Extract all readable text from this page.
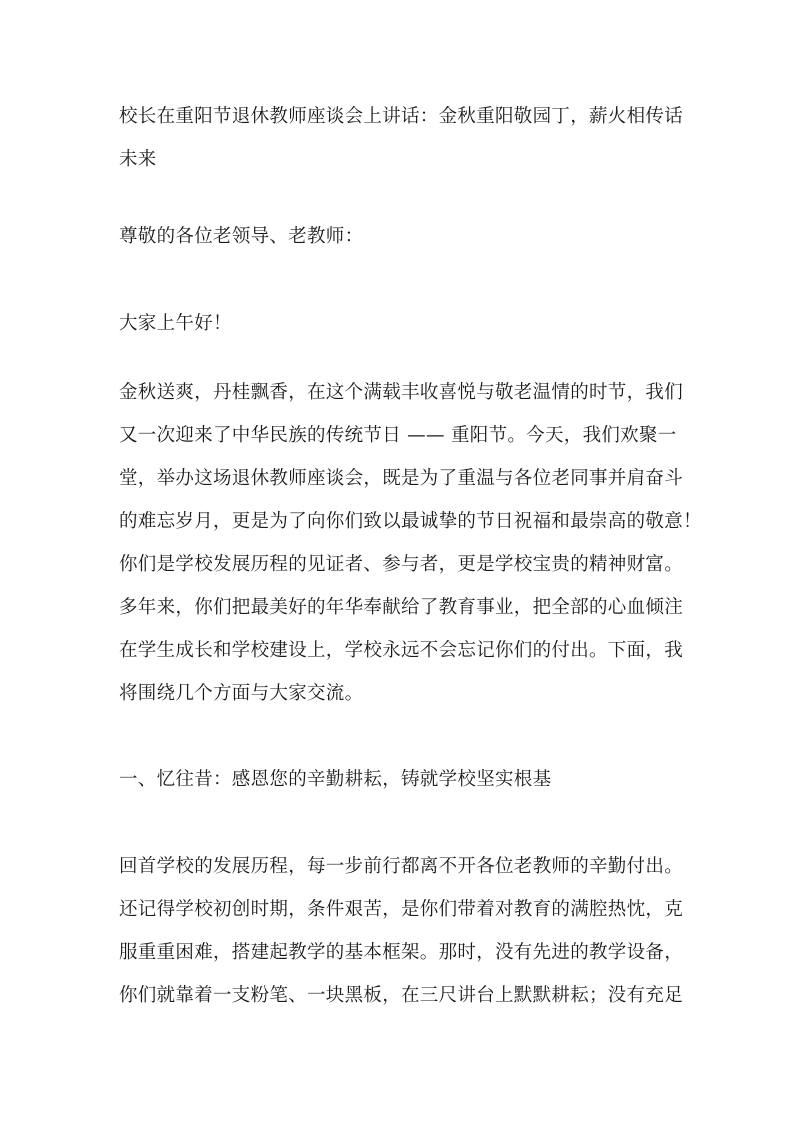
校长在重阳节退休教师座谈会上讲话：金秋重阳敬园丁，薪火相传话
未来
尊敬的各位老领导、老教师：
大家上午好！
金秋送爽，丹桂飘香，在这个满载丰收喜悦与敬老温情的时节，我们
又一次迎来了中华民族的传统节日 —— 重阳节。今天，我们欢聚一
堂，举办这场退休教师座谈会，既是为了重温与各位老同事并肩奋斗
的难忘岁月，更是为了向你们致以最诚挚的节日祝福和最崇高的敬意！
你们是学校发展历程的见证者、参与者，更是学校宝贵的精神财富。
多年来，你们把最美好的年华奉献给了教育事业，把全部的心血倾注
在学生成长和学校建设上，学校永远不会忘记你们的付出。下面，我
将围绕几个方面与大家交流。
一、忆往昔：感恩您的辛勤耕耘，铸就学校坚实根基
回首学校的发展历程，每一步前行都离不开各位老教师的辛勤付出。
还记得学校初创时期，条件艰苦，是你们带着对教育的满腔热忱，克
服重重困难，搭建起教学的基本框架。那时，没有先进的教学设备，
你们就靠着一支粉笔、一块黑板，在三尺讲台上默默耕耘；没有充足
